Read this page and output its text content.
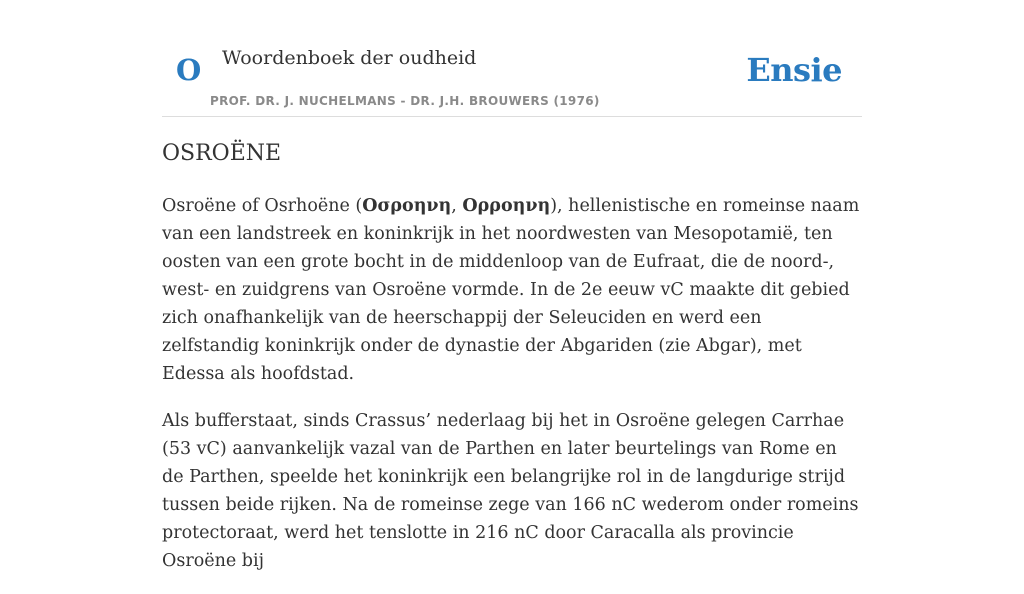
O Woordenboek der oudheid
PROF. DR. J. NUCHELMANS - DR. J.H. BROUWERS (1976)
Ensie
OSROËNE

Osroëne of Osrhoëne (Οσροηνη, Ορροηνη), hellenistische en romeinse naam van een landstreek en koninkrijk in het noordwesten van Mesopotamië, ten oosten van een grote bocht in de middenloop van de Eufraat, die de noord-, west- en zuidgrens van Osroëne vormde. In de 2e eeuw vC maakte dit gebied zich onafhankelijk van de heerschappij der Seleuciden en werd een zelfstandig koninkrijk onder de dynastie der Abgariden (zie Abgar), met Edessa als hoofdstad.

Als bufferstaat, sinds Crassus’ nederlaag bij het in Osroëne gelegen Carrhae (53 vC) aanvankelijk vazal van de Parthen en later beurtelings van Rome en de Parthen, speelde het koninkrijk een belangrijke rol in de langdurige strijd tussen beide rijken. Na de romeinse zege van 166 nC wederom onder romeins protectoraat, werd het tenslotte in 216 nC door Caracalla als provincie Osroëne bij
